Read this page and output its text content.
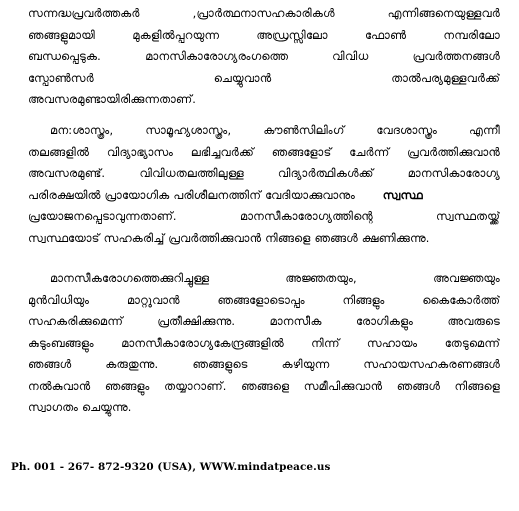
സന്നദ്ധപ്രവർത്തകർ ,പ്രാർത്ഥനാസഹകാരികൾ എന്നിങ്ങനെയുള്ളവർ
ഞങ്ങളുമായി മുകളിൽപ്പറയുന്ന അഡ്രസ്സിലോ ഫോൺ നമ്പരിലോ
ബന്ധപ്പെടുക. മാനസികാരോഗ്യരംഗത്തെ വിവിധ പ്രവർത്തനങ്ങൾ
സ്പോൺസർ ചെയ്യുവാൻ താൽപര്യമുള്ളവർക്ക്
അവസരമുണ്ടായിരിക്കുന്നതാണ്.
മന:ശാസ്ത്രം, സാമൂഹ്യശാസ്ത്രം, കൗൺസിലിംഗ് വേദശാസ്ത്രം എന്നീ
തലങ്ങളിൽ വിദ്യാഭ്യാസം ലഭിച്ചവർക്ക് ഞങ്ങളോട് ചേർന്ന് പ്രവർത്തിക്കുവാൻ
അവസരമുണ്ട്. വിവിധതലത്തിലുള്ള വിദ്യാർത്ഥികൾക്ക് മാനസികാരോഗ്യ
പരിരക്ഷയിൽ പ്രായോഗിക പരിശീലനത്തിന് വേദിയാക്കുവാനും സ്വസ്ഥ
പ്രയോജനപ്പെടാവുന്നതാണ്. മാനസീകാരോഗ്യത്തിന്റെ സ്വസ്ഥതയ്ക്ക്
സ്വസ്ഥയോട് സഹകരിച്ച് പ്രവർത്തിക്കുവാൻ നിങ്ങളെ ഞങ്ങൾ ക്ഷണിക്കുന്നു.
മാനസീകരോഗത്തെക്കുറിച്ചുള്ള അജ്ഞതയും, അവജ്ഞയും
മുൻവിധിയും മാറ്റുവാൻ ഞങ്ങളോടൊപ്പം നിങ്ങളും കൈകോർത്ത്
സഹകരിക്കുമെന്ന് പ്രതീക്ഷിക്കുന്നു. മാനസീക രോഗികളും അവരുടെ
കുടുംബങ്ങളും മാനസീകാരോഗ്യകേന്ദ്രങ്ങളിൽ നിന്ന് സഹായം തേടുമെന്ന്
ഞങ്ങൾ കരുതുന്നു. ഞങ്ങളുടെ കഴിയുന്ന സഹായസഹകരണങ്ങൾ
നൽകുവാൻ ഞങ്ങളും തയ്യാറാണ്. ഞങ്ങളെ സമീപിക്കുവാൻ ഞങ്ങൾ നിങ്ങളെ
സ്വാഗതം ചെയ്യുന്നു.
Ph. 001 - 267- 872-9320 (USA), WWW.mindatpeace.us
